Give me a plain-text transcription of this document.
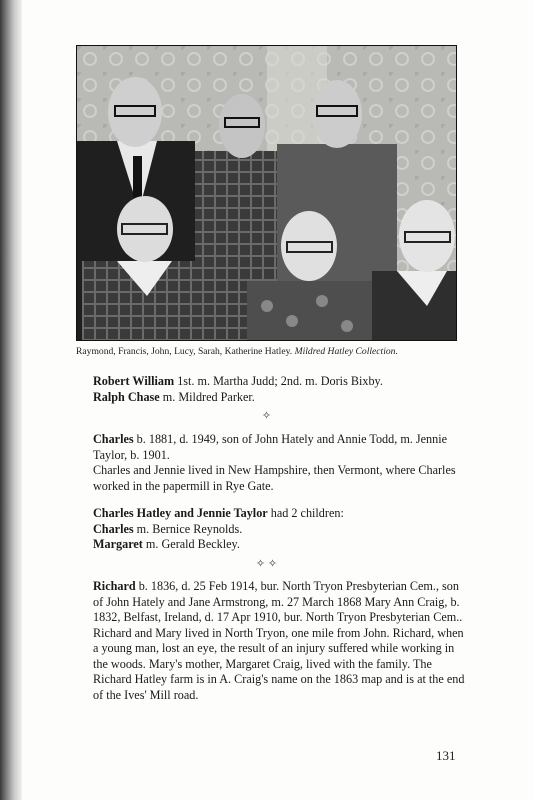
Raymond, Francis, John, Lucy, Sarah, Katherine Hatley. Mildred Hatley Collection.
Robert William 1st. m. Martha Judd; 2nd. m. Doris Bixby.
Ralph Chase m. Mildred Parker.
✧
Charles b. 1881, d. 1949, son of John Hately and Annie Todd, m. Jennie Taylor, b. 1901.
Charles and Jennie lived in New Hampshire, then Vermont, where Charles worked in the papermill in Rye Gate.
Charles Hatley and Jennie Taylor had 2 children:
Charles m. Bernice Reynolds.
Margaret m. Gerald Beckley.
✧ ✧
Richard b. 1836, d. 25 Feb 1914, bur. North Tryon Presbyterian Cem., son of John Hately and Jane Armstrong, m. 27 March 1868 Mary Ann Craig, b. 1832, Belfast, Ireland, d. 17 Apr 1910, bur. North Tryon Presbyterian Cem..
Richard and Mary lived in North Tryon, one mile from John. Richard, when a young man, lost an eye, the result of an injury suffered while working in the woods. Mary's mother, Margaret Craig, lived with the family. The Richard Hatley farm is in A. Craig's name on the 1863 map and is at the end of the Ives' Mill road.
131
